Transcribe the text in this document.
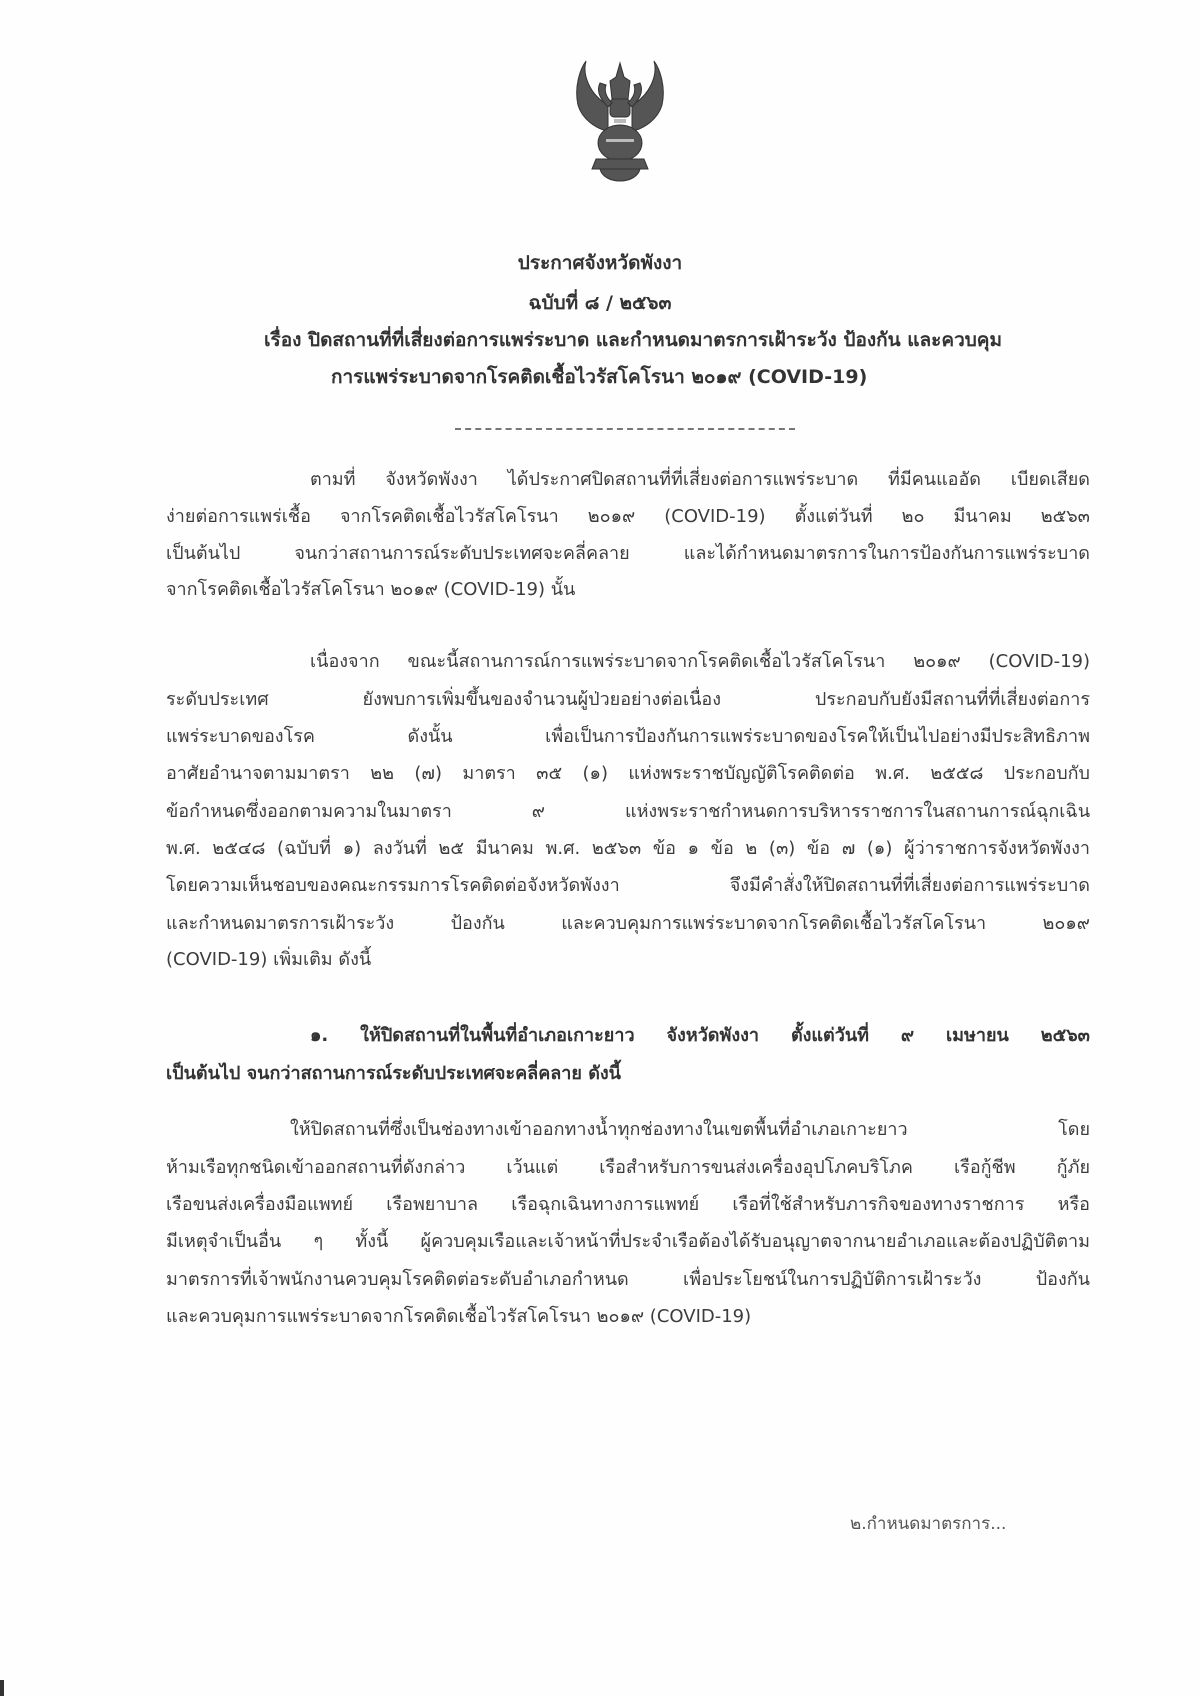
ประกาศจังหวัดพังงา
ฉบับที่ ๘ / ๒๕๖๓
เรื่อง ปิดสถานที่ที่เสี่ยงต่อการแพร่ระบาด และกำหนดมาตรการเฝ้าระวัง ป้องกัน และควบคุม
การแพร่ระบาดจากโรคติดเชื้อไวรัสโคโรนา ๒๐๑๙ (COVID-19)
ตามที่ จังหวัดพังงา ได้ประกาศปิดสถานที่ที่เสี่ยงต่อการแพร่ระบาด ที่มีคนแออัด เบียดเสียด
ง่ายต่อการแพร่เชื้อ จากโรคติดเชื้อไวรัสโคโรนา ๒๐๑๙ (COVID-19) ตั้งแต่วันที่ ๒๐ มีนาคม ๒๕๖๓
เป็นต้นไป จนกว่าสถานการณ์ระดับประเทศจะคลี่คลาย และได้กำหนดมาตรการในการป้องกันการแพร่ระบาด
จากโรคติดเชื้อไวรัสโคโรนา ๒๐๑๙ (COVID-19) นั้น
เนื่องจาก ขณะนี้สถานการณ์การแพร่ระบาดจากโรคติดเชื้อไวรัสโคโรนา ๒๐๑๙ (COVID-19)
ระดับประเทศ ยังพบการเพิ่มขึ้นของจำนวนผู้ป่วยอย่างต่อเนื่อง ประกอบกับยังมีสถานที่ที่เสี่ยงต่อการ
แพร่ระบาดของโรค ดังนั้น เพื่อเป็นการป้องกันการแพร่ระบาดของโรคให้เป็นไปอย่างมีประสิทธิภาพ
อาศัยอำนาจตามมาตรา ๒๒ (๗) มาตรา ๓๕ (๑) แห่งพระราชบัญญัติโรคติดต่อ พ.ศ. ๒๕๕๘ ประกอบกับ
ข้อกำหนดซึ่งออกตามความในมาตรา ๙ แห่งพระราชกำหนดการบริหารราชการในสถานการณ์ฉุกเฉิน
พ.ศ. ๒๕๔๘ (ฉบับที่ ๑) ลงวันที่ ๒๕ มีนาคม พ.ศ. ๒๕๖๓ ข้อ ๑ ข้อ ๒ (๓) ข้อ ๗ (๑) ผู้ว่าราชการจังหวัดพังงา
โดยความเห็นชอบของคณะกรรมการโรคติดต่อจังหวัดพังงา จึงมีคำสั่งให้ปิดสถานที่ที่เสี่ยงต่อการแพร่ระบาด
และกำหนดมาตรการเฝ้าระวัง ป้องกัน และควบคุมการแพร่ระบาดจากโรคติดเชื้อไวรัสโคโรนา ๒๐๑๙
(COVID-19) เพิ่มเติม ดังนี้
๑. ให้ปิดสถานที่ในพื้นที่อำเภอเกาะยาว จังหวัดพังงา ตั้งแต่วันที่ ๙ เมษายน ๒๕๖๓
เป็นต้นไป จนกว่าสถานการณ์ระดับประเทศจะคลี่คลาย ดังนี้
ให้ปิดสถานที่ซึ่งเป็นช่องทางเข้าออกทางน้ำทุกช่องทางในเขตพื้นที่อำเภอเกาะยาว โดย
ห้ามเรือทุกชนิดเข้าออกสถานที่ดังกล่าว เว้นแต่ เรือสำหรับการขนส่งเครื่องอุปโภคบริโภค เรือกู้ชีพ กู้ภัย
เรือขนส่งเครื่องมือแพทย์ เรือพยาบาล เรือฉุกเฉินทางการแพทย์ เรือที่ใช้สำหรับภารกิจของทางราชการ หรือ
มีเหตุจำเป็นอื่น ๆ ทั้งนี้ ผู้ควบคุมเรือและเจ้าหน้าที่ประจำเรือต้องได้รับอนุญาตจากนายอำเภอและต้องปฏิบัติตาม
มาตรการที่เจ้าพนักงานควบคุมโรคติดต่อระดับอำเภอกำหนด เพื่อประโยชน์ในการปฏิบัติการเฝ้าระวัง ป้องกัน
และควบคุมการแพร่ระบาดจากโรคติดเชื้อไวรัสโคโรนา ๒๐๑๙ (COVID-19)
๒.กำหนดมาตรการ...
